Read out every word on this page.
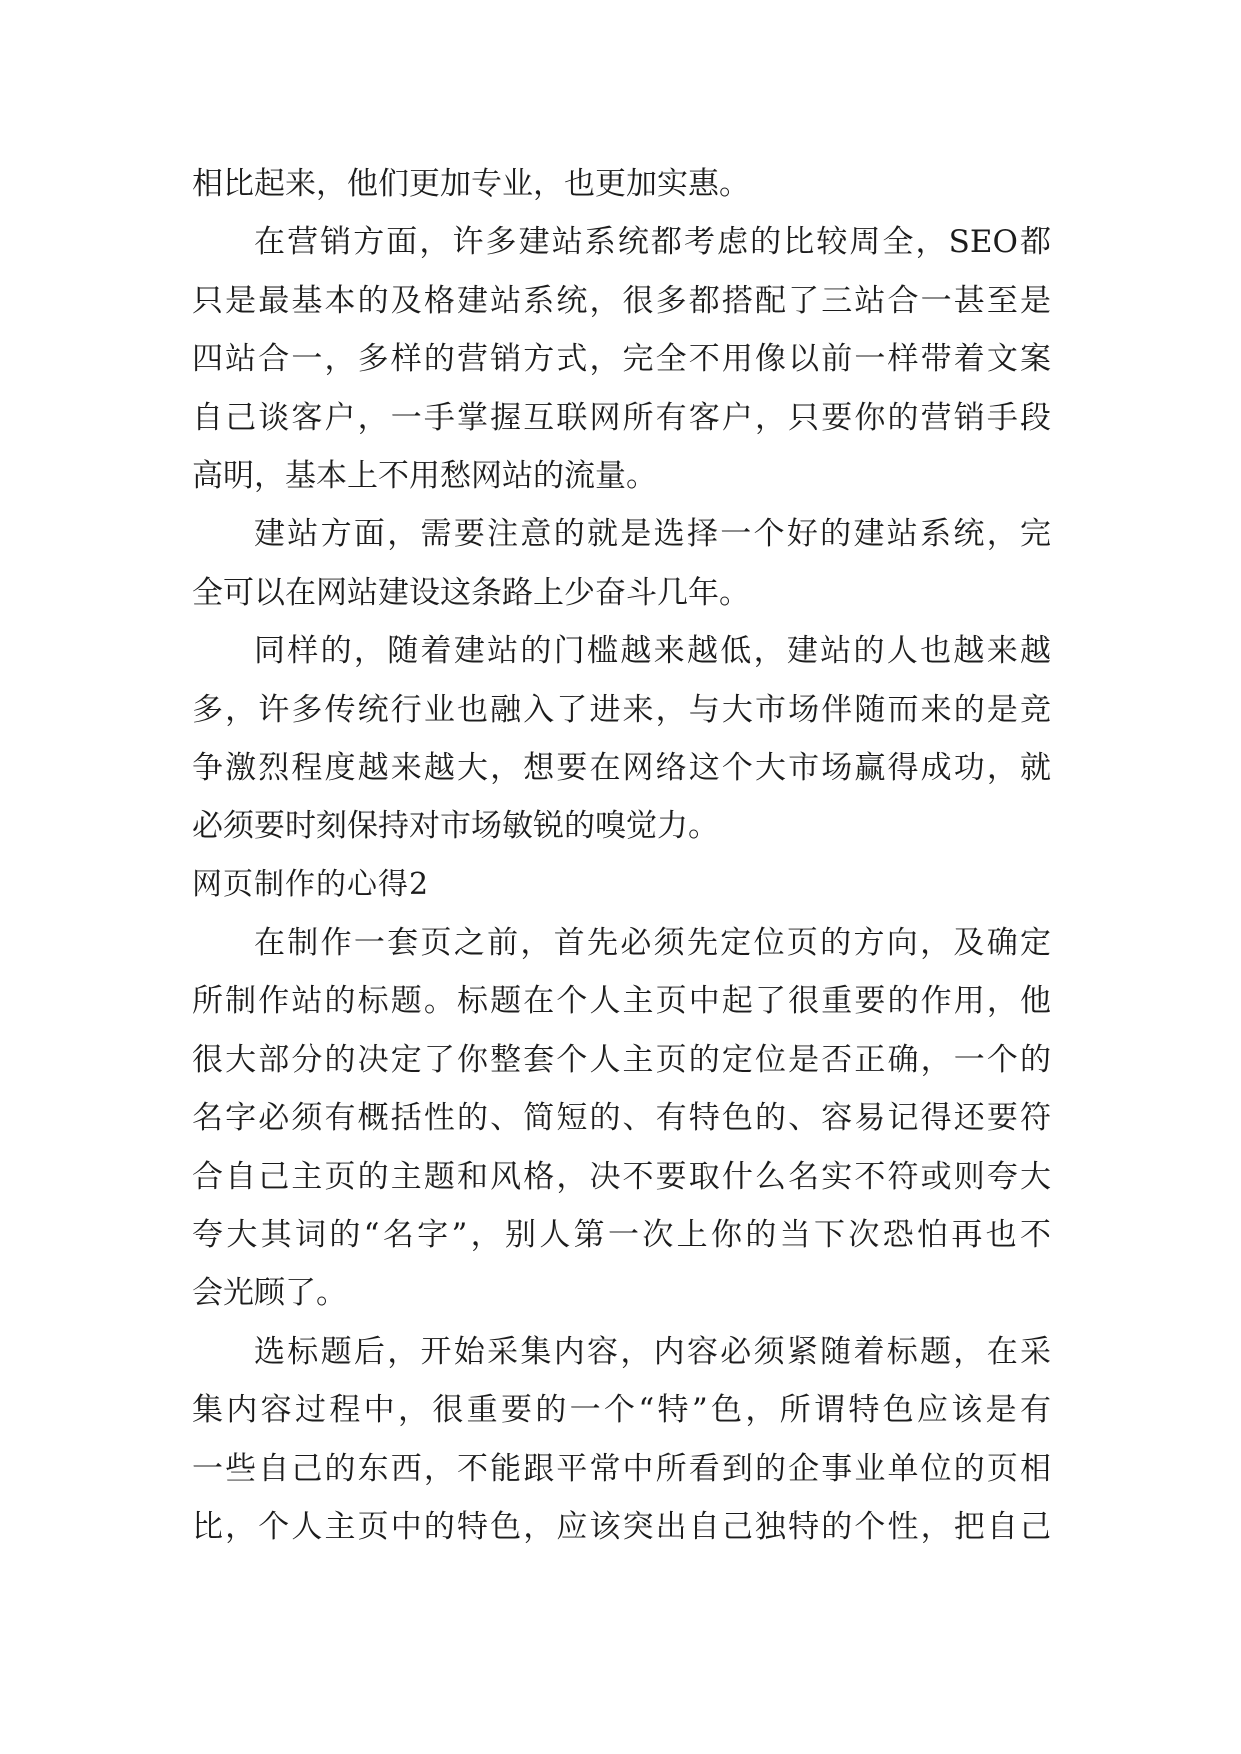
相比起来，他们更加专业，也更加实惠。
在营销方面，许多建站系统都考虑的比较周全，SEO都
只是最基本的及格建站系统，很多都搭配了三站合一甚至是
四站合一，多样的营销方式，完全不用像以前一样带着文案
自己谈客户，一手掌握互联网所有客户，只要你的营销手段
高明，基本上不用愁网站的流量。
建站方面，需要注意的就是选择一个好的建站系统，完
全可以在网站建设这条路上少奋斗几年。
同样的，随着建站的门槛越来越低，建站的人也越来越
多，许多传统行业也融入了进来，与大市场伴随而来的是竞
争激烈程度越来越大，想要在网络这个大市场赢得成功，就
必须要时刻保持对市场敏锐的嗅觉力。
网页制作的心得2
在制作一套页之前，首先必须先定位页的方向，及确定
所制作站的标题。标题在个人主页中起了很重要的作用，他
很大部分的决定了你整套个人主页的定位是否正确，一个的
名字必须有概括性的、简短的、有特色的、容易记得还要符
合自己主页的主题和风格，决不要取什么名实不符或则夸大
夸大其词的“名字”，别人第一次上你的当下次恐怕再也不
会光顾了。
选标题后，开始采集内容，内容必须紧随着标题，在采
集内容过程中，很重要的一个“特”色，所谓特色应该是有
一些自己的东西，不能跟平常中所看到的企事业单位的页相
比，个人主页中的特色，应该突出自己独特的个性，把自己
